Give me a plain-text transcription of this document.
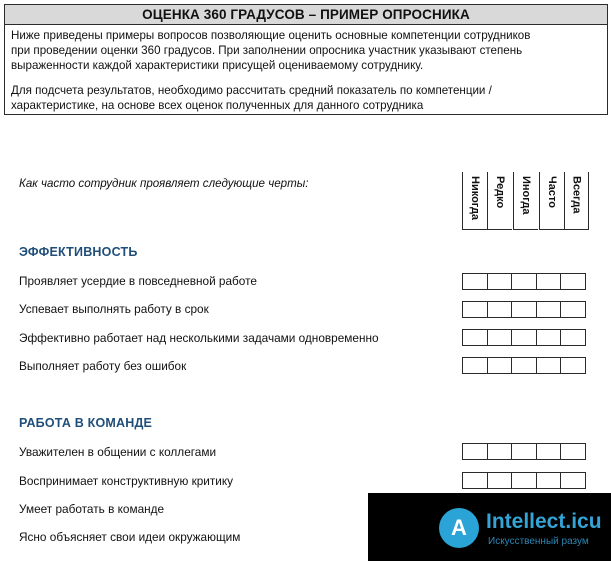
ОЦЕНКА 360 ГРАДУСОВ – ПРИМЕР ОПРОСНИКА
Ниже приведены примеры вопросов позволяющие оценить основные компетенции сотрудников
при проведении оценки 360 градусов. При заполнении опросника участник указывают степень
выраженности каждой характеристики присущей оцениваемому сотруднику.
Для подсчета результатов, необходимо рассчитать средний показатель по компетенции /
характеристике, на основе всех оценок полученных для данного сотрудника
Как часто сотрудник проявляет следующие черты:	Никогда Редко Иногда Часто Всегда
ЭФФЕКТИВНОСТЬ
Проявляет усердие в повседневной работе
Успевает выполнять работу в срок
Эффективно работает над несколькими задачами одновременно
Выполняет работу без ошибок
РАБОТА В КОМАНДЕ
Уважителен в общении с коллегами
Воспринимает конструктивную критику
Умеет работать в команде
Ясно объясняет свои идеи окружающим	A Intellect.icu
Искусственный разум
